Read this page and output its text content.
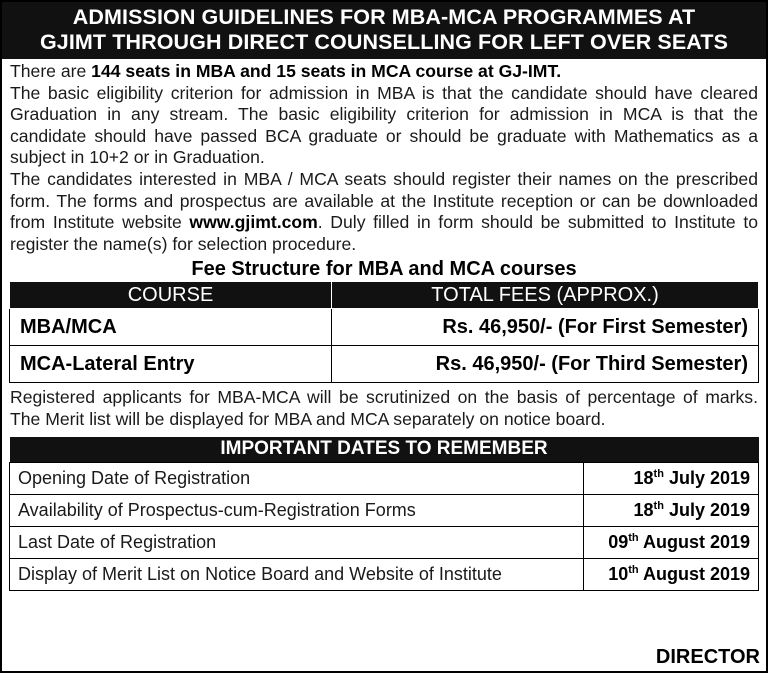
ADMISSION GUIDELINES FOR MBA-MCA PROGRAMMES AT
GJIMT THROUGH DIRECT COUNSELLING FOR LEFT OVER SEATS

There are 144 seats in MBA and 15 seats in MCA course at GJ-IMT.

The basic eligibility criterion for admission in MBA is that the candidate should have cleared Graduation in any stream. The basic eligibility criterion for admission in MCA is that the candidate should have passed BCA graduate or should be graduate with Mathematics as a subject in 10+2 or in Graduation.

The candidates interested in MBA / MCA seats should register their names on the prescribed form. The forms and prospectus are available at the Institute reception or can be downloaded from Institute website www.gjimt.com. Duly filled in form should be submitted to Institute to register the name(s) for selection procedure.

Fee Structure for MBA and MCA courses
COURSE	TOTAL FEES (APPROX.)
MBA/MCA	Rs. 46,950/- (For First Semester)
MCA-Lateral Entry	Rs. 46,950/- (For Third Semester)
Registered applicants for MBA-MCA will be scrutinized on the basis of percentage of marks. The Merit list will be displayed for MBA and MCA separately on notice board.
IMPORTANT DATES TO REMEMBER	
Opening Date of Registration	18th July 2019
Availability of Prospectus-cum-Registration Forms	18th July 2019
Last Date of Registration	09th August 2019
Display of Merit List on Notice Board and Website of Institute	10th August 2019
DIRECTOR
